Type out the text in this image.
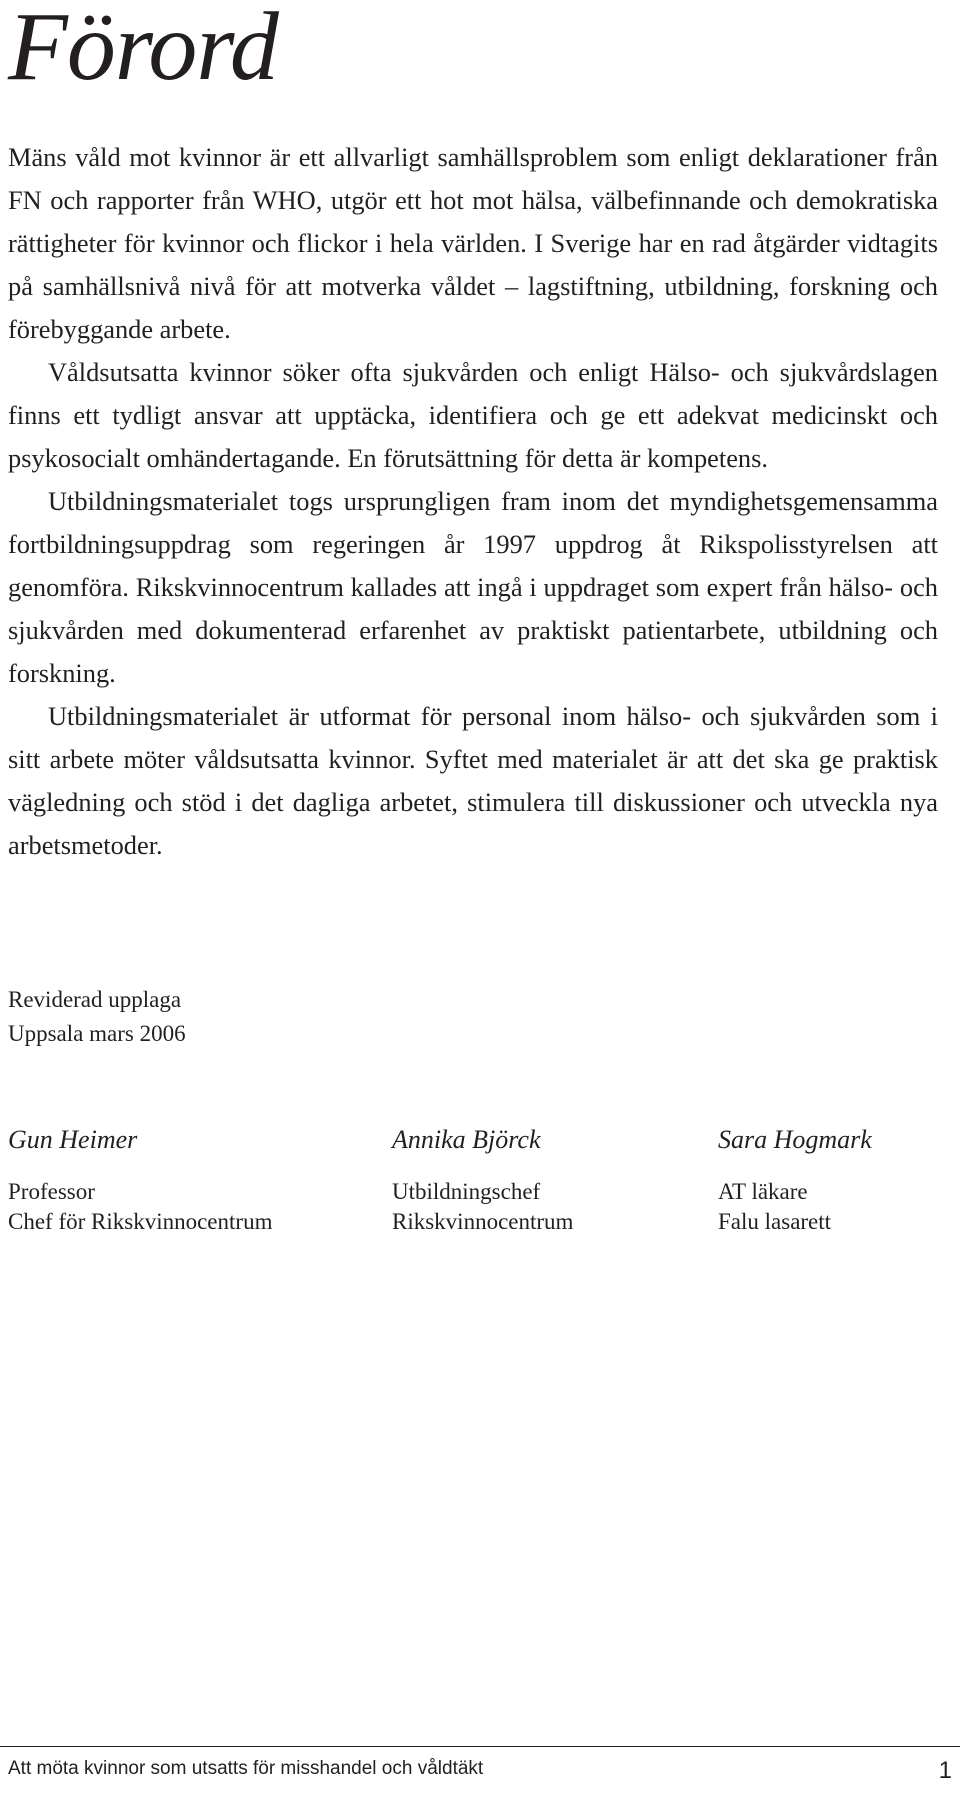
Förord

Mäns våld mot kvinnor är ett allvarligt samhällsproblem som enligt deklarationer från FN och rapporter från WHO, utgör ett hot mot hälsa, välbefinnande och demokratiska rättigheter för kvinnor och flickor i hela världen. I Sverige har en rad åtgärder vidtagits på samhällsnivå nivå för att motverka våldet – lagstiftning, utbildning, forskning och förebyggande arbete.

Våldsutsatta kvinnor söker ofta sjukvården och enligt Hälso- och sjukvårdslagen finns ett tydligt ansvar att upptäcka, identifiera och ge ett adekvat medicinskt och psykosocialt omhändertagande. En förutsättning för detta är kompetens.

Utbildningsmaterialet togs ursprungligen fram inom det myndighetsgemensamma fortbildningsuppdrag som regeringen år 1997 uppdrog åt Rikspolisstyrelsen att genomföra. Rikskvinnocentrum kallades att ingå i uppdraget som expert från hälso- och sjukvården med dokumenterad erfarenhet av praktiskt patientarbete, utbildning och forskning.

Utbildningsmaterialet är utformat för personal inom hälso- och sjukvården som i sitt arbete möter våldsutsatta kvinnor. Syftet med materialet är att det ska ge praktisk vägledning och stöd i det dagliga arbetet, stimulera till diskussioner och utveckla nya arbetsmetoder.

Reviderad upplaga
Uppsala mars 2006
Gun Heimer
Professor
Chef för Rikskvinnocentrum
Annika Björck
Utbildningschef
Rikskvinnocentrum
Sara Hogmark
AT läkare
Falu lasarett
Att möta kvinnor som utsatts för misshandel och våldtäkt	1
